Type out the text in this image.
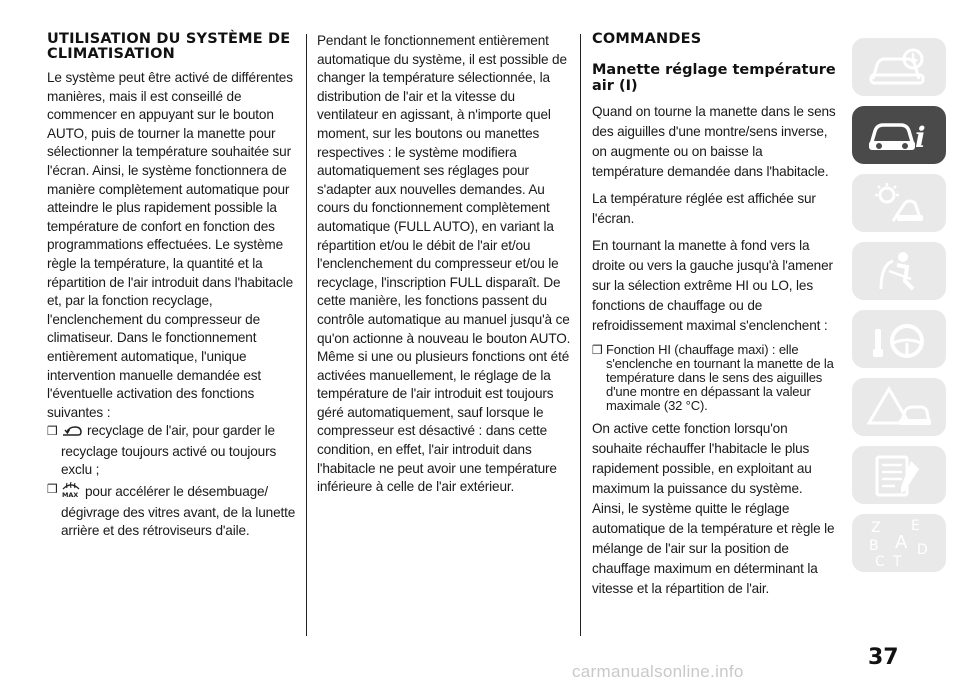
UTILISATION DU SYSTÈME DE CLIMATISATION

Le système peut être activé de différentes manières, mais il est conseillé de commencer en appuyant sur le bouton AUTO, puis de tourner la manette pour sélectionner la température souhaitée sur l'écran. Ainsi, le système fonctionnera de manière complètement automatique pour atteindre le plus rapidement possible la température de confort en fonction des programmations effectuées. Le système règle la température, la quantité et la répartition de l'air introduit dans l'habitacle et, par la fonction recyclage, l'enclenchement du compresseur de climatiseur. Dans le fonctionnement entièrement automatique, l'unique intervention manuelle demandée est l'éventuelle activation des fonctions suivantes :

❒	recyclage de l'air, pour garder le recyclage toujours activé ou toujours exclu ;
❒ MAX pour accélérer le désembuage/ dégivrage des vitres avant, de la lunette arrière et des rétroviseurs d'aile.

Pendant le fonctionnement entièrement automatique du système, il est possible de changer la température sélectionnée, la distribution de l'air et la vitesse du ventilateur en agissant, à n'importe quel moment, sur les boutons ou manettes respectives : le système modifiera automatiquement ses réglages pour s'adapter aux nouvelles demandes. Au cours du fonctionnement complètement automatique (FULL AUTO), en variant la répartition et/ou le débit de l'air et/ou l'enclenchement du compresseur et/ou le recyclage, l'inscription FULL disparaît. De cette manière, les fonctions passent du contrôle automatique au manuel jusqu'à ce qu'on actionne à nouveau le bouton AUTO. Même si une ou plusieurs fonctions ont été activées manuellement, le réglage de la température de l'air introduit est toujours géré automatiquement, sauf lorsque le compresseur est désactivé : dans cette condition, en effet, l'air introduit dans l'habitacle ne peut avoir une température inférieure à celle de l'air extérieur.

COMMANDES
Manette réglage température air (I)

Quand on tourne la manette dans le sens des aiguilles d'une montre/sens inverse, on augmente ou on baisse la température demandée dans l'habitacle.

La température réglée est affichée sur l'écran.

En tournant la manette à fond vers la droite ou vers la gauche jusqu'à l'amener sur la sélection extrême HI ou LO, les fonctions de chauffage ou de refroidissement maximal s'enclenchent :

❒ Fonction HI (chauffage maxi) : elle s'enclenche en tournant la manette de la température dans le sens des aiguilles d'une montre en dépassant la valeur maximale (32 °C).

On active cette fonction lorsqu'on souhaite réchauffer l'habitacle le plus rapidement possible, en exploitant au maximum la puissance du système. Ainsi, le système quitte le réglage automatique de la température et règle le mélange de l'air sur la position de chauffage maximum en déterminant la vitesse et la répartition de l'air.

i
Z E
B A D
C T
37
carmanualsonline.info
